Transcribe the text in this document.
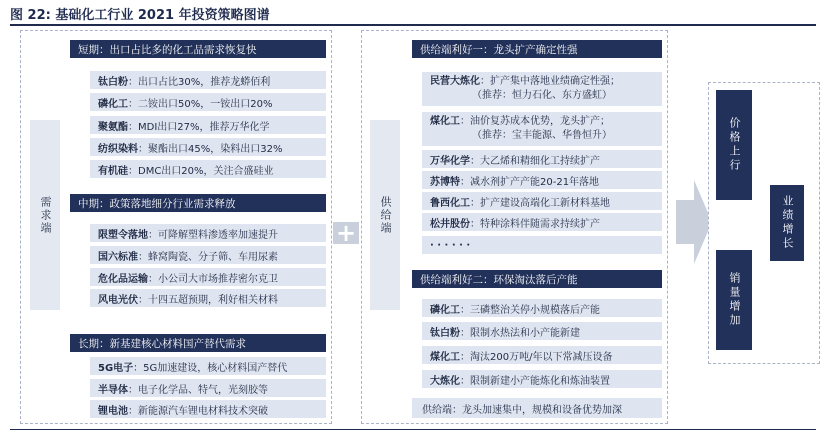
图 22: 基础化工行业 2021 年投资策略图谱
需求端
短期：出口占比多的化工品需求恢复快
钛白粉 ： 出口占比30%，推荐龙蟒佰利
磷化工 ： 二铵出口50%，一铵出口20%
聚氨酯 ： MDI出口27%，推荐万华化学
纺织染料 ： 聚酯出口45%，染料出口32%
有机硅 ： DMC出口20%，关注合盛硅业
中期：政策落地细分行业需求释放
限塑令落地 ： 可降解塑料渗透率加速提升
国六标准 ： 蜂窝陶瓷、分子筛、车用尿素
危化品运输 ： 小公司大市场推荐密尔克卫
风电光伏 ： 十四五超预期，利好相关材料
长期：新基建核心材料国产替代需求
5G电子 ： 5G加速建设，核心材料国产替代
半导体 ： 电子化学品、特气，光刻胶等
锂电池 ： 新能源汽车锂电材料技术突破
+	供给端
供给端利好一：龙头扩产确定性强
民营大炼化：扩产集中落地业绩确定性强；
（推荐：恒力石化、东方盛虹）
煤化工：油价复苏成本优势，龙头扩产；
（推荐：宝丰能源、华鲁恒升）
万华化学 ： 大乙烯和精细化工持续扩产
苏博特 ： 减水剂扩产产能20-21年落地
鲁西化工 ： 扩产建设高端化工新材料基地
松井股份 ： 特种涂料伴随需求持续扩产
· · · · · ·
供给端利好二：环保淘汰落后产能
磷化工 ： 三磷整治关停小规模落后产能
钛白粉 ： 限制水热法和小产能新建
煤化工 ： 淘汰200万吨/年以下常减压设备
大炼化 ： 限制新建小产能炼化和炼油装置
供给端：龙头加速集中，规模和设备优势加深
价格上行
销量增加
业绩增长
